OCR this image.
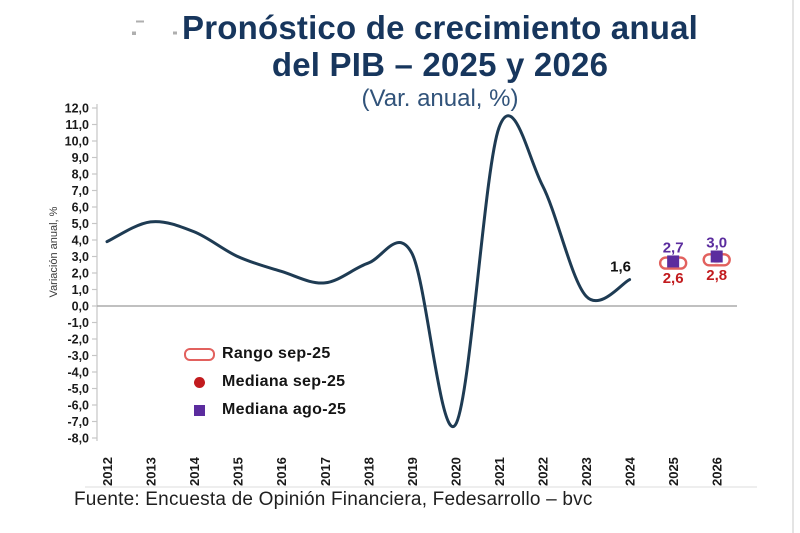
Pronóstico de crecimiento anual
del PIB – 2025 y 2026
(Var. anual, %)
12,0
11,0
10,0
9,0
8,0
7,0
6,0
5,0
4,0
3,0
2,0
1,0
0,0
-1,0
-2,0
-3,0
-4,0
-5,0
-6,0
-7,0
-8,0
2012 2013 2014 2015 2016 2017 2018 2019 2020 2021 2022 2023 2024 2025 2026
Variación anual, %	1,6
2,7
2,6
3,0
2,8
Rango sep-25
Mediana sep-25
Mediana ago-25
Fuente: Encuesta de Opinión Financiera, Fedesarrollo – bvc
